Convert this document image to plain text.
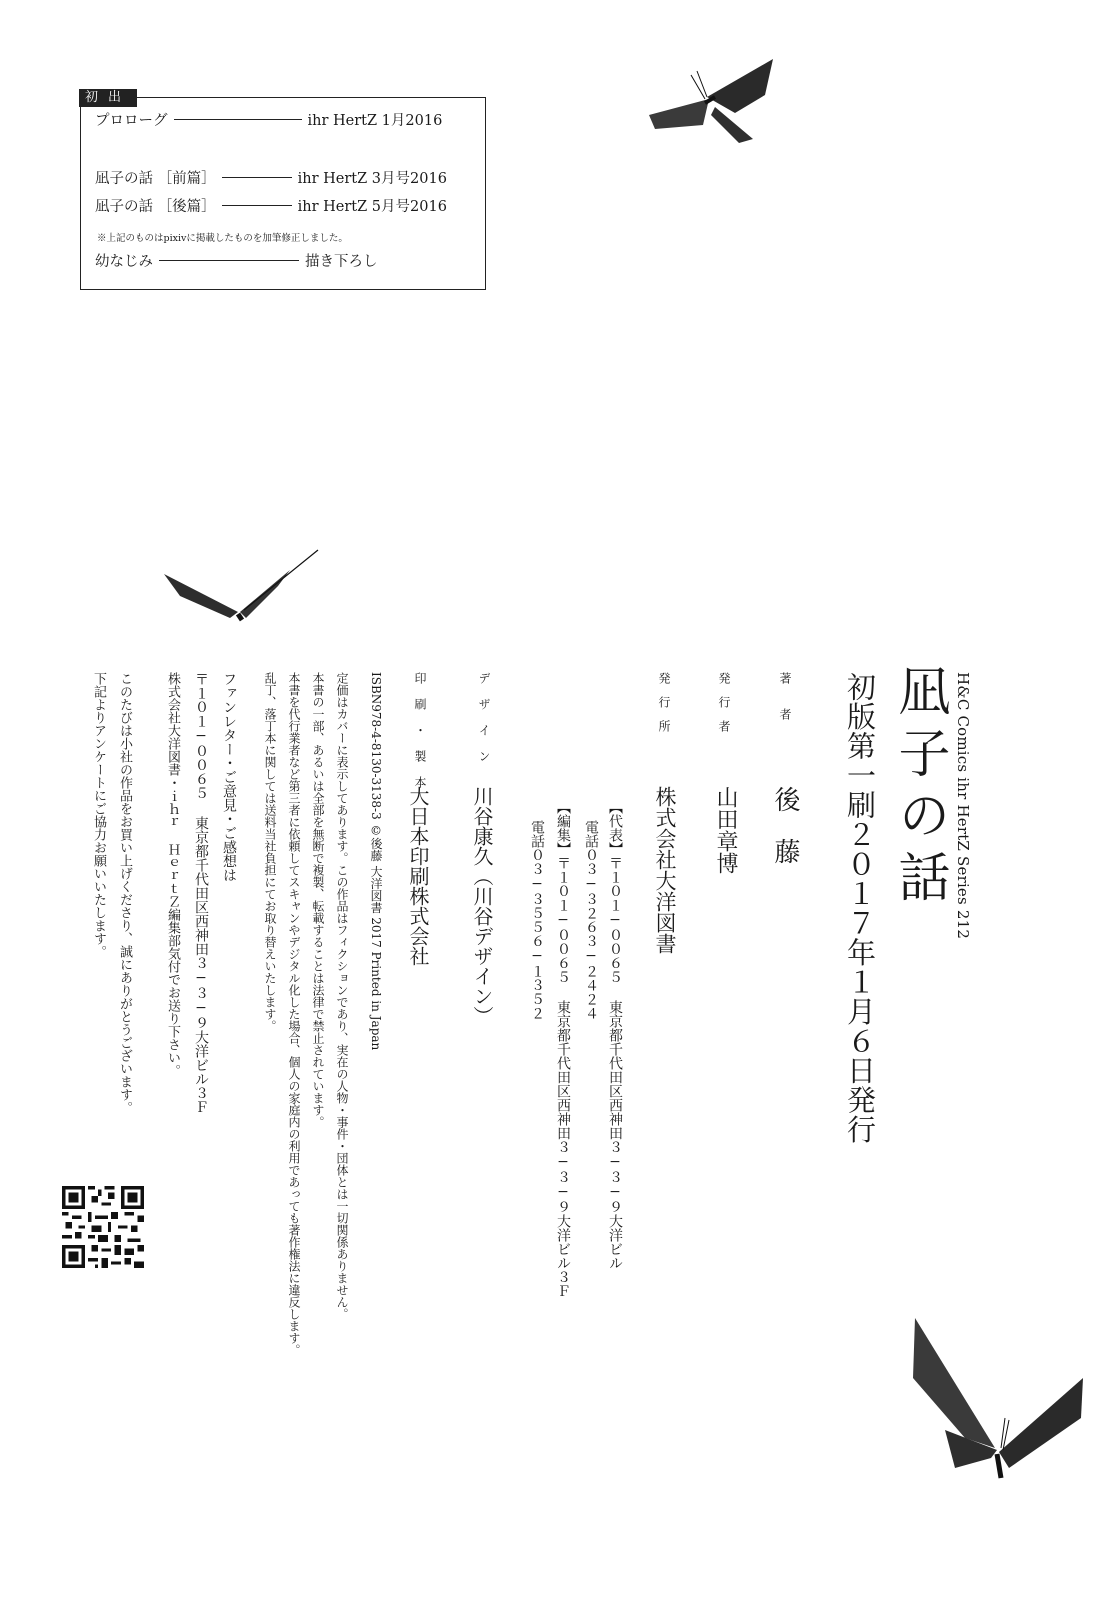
初出
プロローグ	ihr HertZ 1月2016
凪子の話 ［前篇］	ihr HertZ 3月号2016
凪子の話 ［後篇］	ihr HertZ 5月号2016
※上記のものはpixivに掲載したものを加筆修正しました。
幼なじみ	描き下ろし
H&C Comics ihr HertZ Series 212
凪子の話
初版第一刷２０１７年１月６日発行
著　　者
後　藤
発　行　者
山田章博
発　行　所
株式会社大洋図書
【代表】〒１０１−００６５ 東京都千代田区西神田３−３−９大洋ビル
電話０３−３２６３−２４２４
【編集】〒１０１−００６５ 東京都千代田区西神田３−３−９大洋ビル３Ｆ
電話０３−３５５６−１３５２
デ ザ イ ン
川谷康久（川谷デザイン）
印 刷 ・ 製 本
大日本印刷株式会社
ISBN978-4-8130-3138-3 ©後藤 大洋図書 2017 Printed in Japan
定価はカバーに表示してあります。この作品はフィクションであり、実在の人物・事件・団体とは一切関係ありません。
本書の一部、あるいは全部を無断で複製、転載することは法律で禁止されています。
本書を代行業者など第三者に依頼してスキャンやデジタル化した場合、個人の家庭内の利用であっても著作権法に違反します。
乱丁、落丁本に関しては送料当社負担にてお取り替えいたします。
ファンレター・ご意見・ご感想は
〒１０１−００６５ 東京都千代田区西神田３−３−９大洋ビル３Ｆ
株式会社大洋図書・ｉｈｒ ＨｅｒｔＺ編集部気付でお送り下さい。
このたびは小社の作品をお買い上げくださり、誠にありがとうございます。
下記よりアンケートにご協力お願いいたします。
